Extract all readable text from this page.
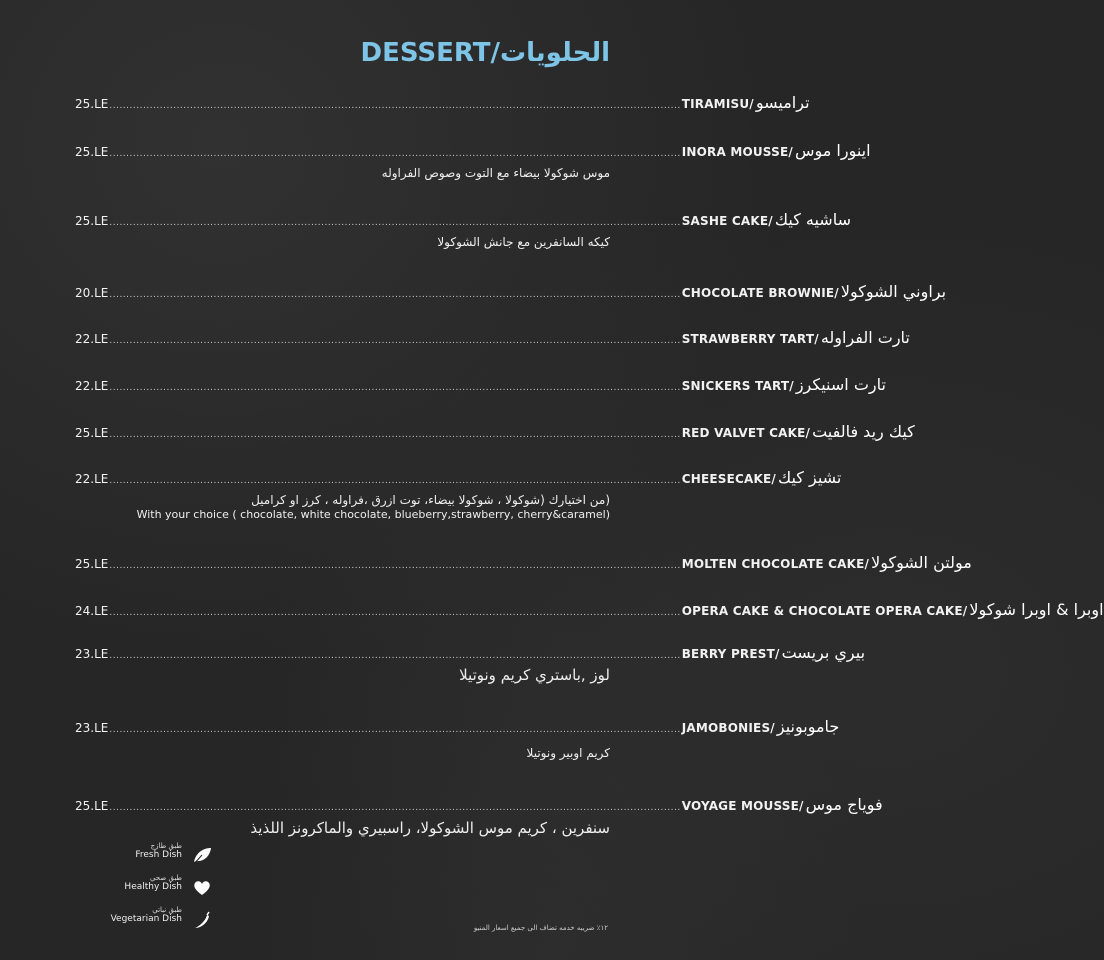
DESSERT/الحلويات
25.LE .......................................................................................................................................................................... TIRAMISU/ تراميسو
25.LE .......................................................................................................................................................................... INORA MOUSSE/ اينورا موس
موس شوكولا بيضاء مع التوت وصوص الفراوله
25.LE .......................................................................................................................................................................... SASHE CAKE/ ساشيه كيك
كيكه السانفرين مع جانش الشوكولا
20.LE .......................................................................................................................................................................... CHOCOLATE BROWNIE/ براوني الشوكولا
22.LE .......................................................................................................................................................................... STRAWBERRY TART/ تارت الفراوله
22.LE .......................................................................................................................................................................... SNICKERS TART/ تارت اسنيكرز
25.LE .......................................................................................................................................................................... RED VALVET CAKE/ كيك ريد فالفيت
22.LE .......................................................................................................................................................................... CHEESECAKE/ تشيز كيك
(من اختيارك (شوكولا ، شوكولا بيضاء، توت ازرق ،فراوله ، كرز او كراميل
With your choice ( chocolate, white chocolate, blueberry,strawberry, cherry&caramel)
25.LE .......................................................................................................................................................................... MOLTEN CHOCOLATE CAKE/ مولتن الشوكولا
24.LE .......................................................................................................................................................................... OPERA CAKE & CHOCOLATE OPERA CAKE/ اوبرا & اوبرا شوكولا
23.LE .......................................................................................................................................................................... BERRY PREST/ بيري بريست
لوز ,باستري كريم ونوتيلا
23.LE .......................................................................................................................................................................... JAMOBONIES/ جاموبونيز
كريم اوبير ونوتيلا
25.LE .......................................................................................................................................................................... VOYAGE MOUSSE/ فوياج موس
سنفرين ، كريم موس الشوكولا، راسبيري والماكرونز اللذيذ
طبق طازج
Fresh Dish
طبق صحي
Healthy Dish
طبق نباتي
Vegetarian Dish
١٢٪ ضريبه خدمه تضاف الى جميع اسعار المنيو
